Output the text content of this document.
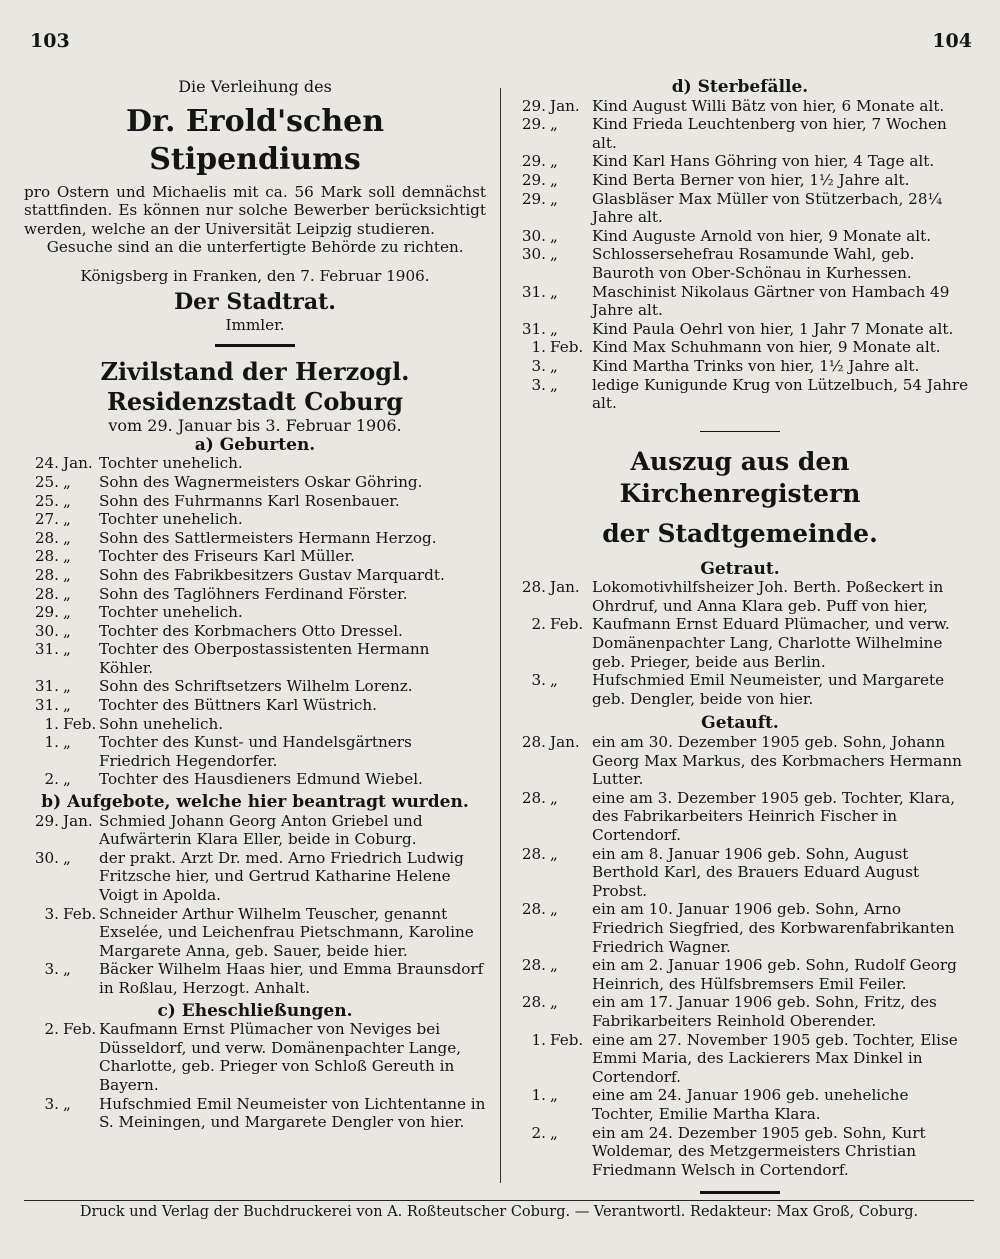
103	104
Die Verleihung des
Dr. Erold'schen Stipendiums

pro Ostern und Michaelis mit ca. 56 Mark soll demnächst stattfinden. Es können nur solche Bewerber berücksichtigt werden, welche an der Universität Leipzig studieren.

Gesuche sind an die unterfertigte Behörde zu richten.

Königsberg in Franken, den 7. Februar 1906.

Der Stadtrat.
Immler.
Zivilstand der Herzogl. Residenzstadt Coburg
vom 29. Januar bis 3. Februar 1906.
a) Geburten.
24. Jan. Tochter unehelich.
25. „	Sohn des Wagnermeisters Oskar Göhring.
25. „	Sohn des Fuhrmanns Karl Rosenbauer.
27. „	Tochter unehelich.
28. „	Sohn des Sattlermeisters Hermann Herzog.
28. „	Tochter des Friseurs Karl Müller.
28. „	Sohn des Fabrikbesitzers Gustav Marquardt.
28. „	Sohn des Taglöhners Ferdinand Förster.
29. „	Tochter unehelich.
30. „	Tochter des Korbmachers Otto Dressel.
31. „	Tochter des Oberpostassistenten Hermann Köhler.
31. „	Sohn des Schriftsetzers Wilhelm Lorenz.
31. „	Tochter des Büttners Karl Wüstrich.
1. Feb. Sohn unehelich.
1. „	Tochter des Kunst- und Handelsgärtners Friedrich Hegendorfer.
2. „	Tochter des Hausdieners Edmund Wiebel.
b) Aufgebote, welche hier beantragt wurden.
29. Jan. Schmied Johann Georg Anton Griebel und Aufwärterin Klara Eller, beide in Coburg.
30. „	der prakt. Arzt Dr. med. Arno Friedrich Ludwig Fritzsche hier, und Gertrud Katharine Helene Voigt in Apolda.
3. Feb. Schneider Arthur Wilhelm Teuscher, genannt Exselée, und Leichenfrau Pietschmann, Karoline Margarete Anna, geb. Sauer, beide hier.
3. „	Bäcker Wilhelm Haas hier, und Emma Braunsdorf in Roßlau, Herzogt. Anhalt.
c) Eheschließungen.
2. Feb. Kaufmann Ernst Plümacher von Neviges bei Düsseldorf, und verw. Domänenpachter Lange, Charlotte, geb. Prieger von Schloß Gereuth in Bayern.
3. „	Hufschmied Emil Neumeister von Lichtentanne in S. Meiningen, und Margarete Dengler von hier.
d) Sterbefälle.
29. Jan. Kind August Willi Bätz von hier, 6 Monate alt.
29. „	Kind Frieda Leuchtenberg von hier, 7 Wochen alt.
29. „	Kind Karl Hans Göhring von hier, 4 Tage alt.
29. „	Kind Berta Berner von hier, 1½ Jahre alt.
29. „	Glasbläser Max Müller von Stützerbach, 28¼ Jahre alt.
30. „	Kind Auguste Arnold von hier, 9 Monate alt.
30. „	Schlossersehefrau Rosamunde Wahl, geb. Bauroth von Ober-Schönau in Kurhessen.
31. „	Maschinist Nikolaus Gärtner von Hambach 49 Jahre alt.
31. „	Kind Paula Oehrl von hier, 1 Jahr 7 Monate alt.
1. Feb. Kind Max Schuhmann von hier, 9 Monate alt.
3. „	Kind Martha Trinks von hier, 1½ Jahre alt.
3. „	ledige Kunigunde Krug von Lützelbuch, 54 Jahre alt.
Auszug aus den Kirchenregistern
der Stadtgemeinde.
Getraut.
28. Jan. Lokomotivhilfsheizer Joh. Berth. Poßeckert in Ohrdruf, und Anna Klara geb. Puff von hier,
2. Feb. Kaufmann Ernst Eduard Plümacher, und verw. Domänenpachter Lang, Charlotte Wilhelmine geb. Prieger, beide aus Berlin.
3. „	Hufschmied Emil Neumeister, und Margarete geb. Dengler, beide von hier.
Getauft.
28. Jan. ein am 30. Dezember 1905 geb. Sohn, Johann Georg Max Markus, des Korbmachers Hermann Lutter.
28. „	eine am 3. Dezember 1905 geb. Tochter, Klara, des Fabrikarbeiters Heinrich Fischer in Cortendorf.
28. „	ein am 8. Januar 1906 geb. Sohn, August Berthold Karl, des Brauers Eduard August Probst.
28. „	ein am 10. Januar 1906 geb. Sohn, Arno Friedrich Siegfried, des Korbwarenfabrikanten Friedrich Wagner.
28. „	ein am 2. Januar 1906 geb. Sohn, Rudolf Georg Heinrich, des Hülfsbremsers Emil Feiler.
28. „	ein am 17. Januar 1906 geb. Sohn, Fritz, des Fabrikarbeiters Reinhold Oberender.
1. Feb. eine am 27. November 1905 geb. Tochter, Elise Emmi Maria, des Lackierers Max Dinkel in Cortendorf.
1. „	eine am 24. Januar 1906 geb. uneheliche Tochter, Emilie Martha Klara.
2. „	ein am 24. Dezember 1905 geb. Sohn, Kurt Woldemar, des Metzgermeisters Christian Friedmann Welsch in Cortendorf.
Druck und Verlag der Buchdruckerei von A. Roßteutscher Coburg. — Verantwortl. Redakteur: Max Groß, Coburg.
